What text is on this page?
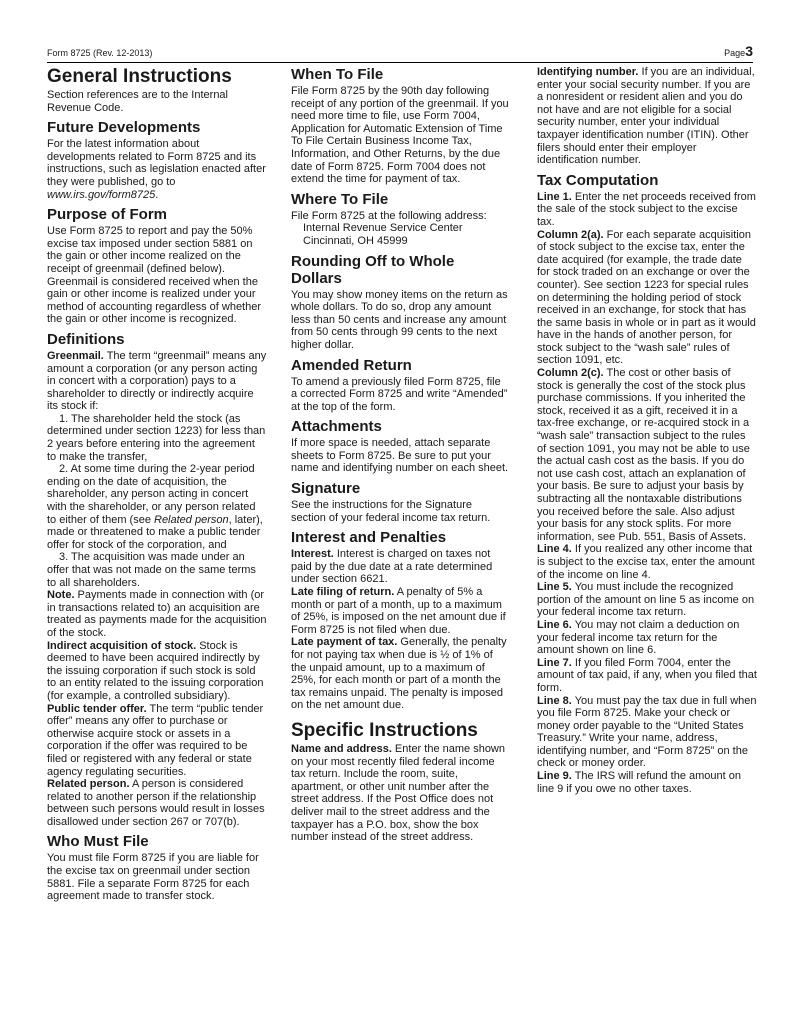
Form 8725 (Rev. 12-2013)	Page3
General Instructions

Section references are to the Internal Revenue Code.

Future Developments

For the latest information about developments related to Form 8725 and its instructions, such as legislation enacted after they were published, go to www.irs.gov/form8725.

Purpose of Form

Use Form 8725 to report and pay the 50% excise tax imposed under section 5881 on the gain or other income realized on the receipt of greenmail (defined below). Greenmail is considered received when the gain or other income is realized under your method of accounting regardless of whether the gain or other income is recognized.

Definitions

Greenmail. The term “greenmail” means any amount a corporation (or any person acting in concert with a corporation) pays to a shareholder to directly or indirectly acquire its stock if:

1. The shareholder held the stock (as determined under section 1223) for less than 2 years before entering into the agreement to make the transfer,

2. At some time during the 2-year period ending on the date of acquisition, the shareholder, any person acting in concert with the shareholder, or any person related to either of them (see Related person, later), made or threatened to make a public tender offer for stock of the corporation, and

3. The acquisition was made under an offer that was not made on the same terms to all shareholders.

Note. Payments made in connection with (or in transactions related to) an acquisition are treated as payments made for the acquisition of the stock.

Indirect acquisition of stock. Stock is deemed to have been acquired indirectly by the issuing corporation if such stock is sold to an entity related to the issuing corporation (for example, a controlled subsidiary).

Public tender offer. The term “public tender offer” means any offer to purchase or otherwise acquire stock or assets in a corporation if the offer was required to be filed or registered with any federal or state agency regulating securities.

Related person. A person is considered related to another person if the relationship between such persons would result in losses disallowed under section 267 or 707(b).

Who Must File

You must file Form 8725 if you are liable for the excise tax on greenmail under section 5881. File a separate Form 8725 for each agreement made to transfer stock.

When To File

File Form 8725 by the 90th day following receipt of any portion of the greenmail. If you need more time to file, use Form 7004, Application for Automatic Extension of Time To File Certain Business Income Tax, Information, and Other Returns, by the due date of Form 8725. Form 7004 does not extend the time for payment of tax.

Where To File

File Form 8725 at the following address:

Internal Revenue Service Center

Cincinnati, OH 45999

Rounding Off to Whole Dollars

You may show money items on the return as whole dollars. To do so, drop any amount less than 50 cents and increase any amount from 50 cents through 99 cents to the next higher dollar.

Amended Return

To amend a previously filed Form 8725, file a corrected Form 8725 and write “Amended” at the top of the form.

Attachments

If more space is needed, attach separate sheets to Form 8725. Be sure to put your name and identifying number on each sheet.

Signature

See the instructions for the Signature section of your federal income tax return.

Interest and Penalties

Interest. Interest is charged on taxes not paid by the due date at a rate determined under section 6621.

Late filing of return. A penalty of 5% a month or part of a month, up to a maximum of 25%, is imposed on the net amount due if Form 8725 is not filed when due.

Late payment of tax. Generally, the penalty for not paying tax when due is ½ of 1% of the unpaid amount, up to a maximum of 25%, for each month or part of a month the tax remains unpaid. The penalty is imposed on the net amount due.

Specific Instructions

Name and address. Enter the name shown on your most recently filed federal income tax return. Include the room, suite, apartment, or other unit number after the street address. If the Post Office does not deliver mail to the street address and the taxpayer has a P.O. box, show the box number instead of the street address.

Identifying number. If you are an individual, enter your social security number. If you are a nonresident or resident alien and you do not have and are not eligible for a social security number, enter your individual taxpayer identification number (ITIN). Other filers should enter their employer identification number.

Tax Computation

Line 1. Enter the net proceeds received from the sale of the stock subject to the excise tax.

Column 2(a). For each separate acquisition of stock subject to the excise tax, enter the date acquired (for example, the trade date for stock traded on an exchange or over the counter). See section 1223 for special rules on determining the holding period of stock received in an exchange, for stock that has the same basis in whole or in part as it would have in the hands of another person, for stock subject to the “wash sale” rules of section 1091, etc.

Column 2(c). The cost or other basis of stock is generally the cost of the stock plus purchase commissions. If you inherited the stock, received it as a gift, received it in a tax-free exchange, or re-acquired stock in a “wash sale” transaction subject to the rules of section 1091, you may not be able to use the actual cash cost as the basis. If you do not use cash cost, attach an explanation of your basis. Be sure to adjust your basis by subtracting all the nontaxable distributions you received before the sale. Also adjust your basis for any stock splits. For more information, see Pub. 551, Basis of Assets.

Line 4. If you realized any other income that is subject to the excise tax, enter the amount of the income on line 4.

Line 5. You must include the recognized portion of the amount on line 5 as income on your federal income tax return.

Line 6. You may not claim a deduction on your federal income tax return for the amount shown on line 6.

Line 7. If you filed Form 7004, enter the amount of tax paid, if any, when you filed that form.

Line 8. You must pay the tax due in full when you file Form 8725. Make your check or money order payable to the “United States Treasury.” Write your name, address, identifying number, and “Form 8725” on the check or money order.

Line 9. The IRS will refund the amount on line 9 if you owe no other taxes.
